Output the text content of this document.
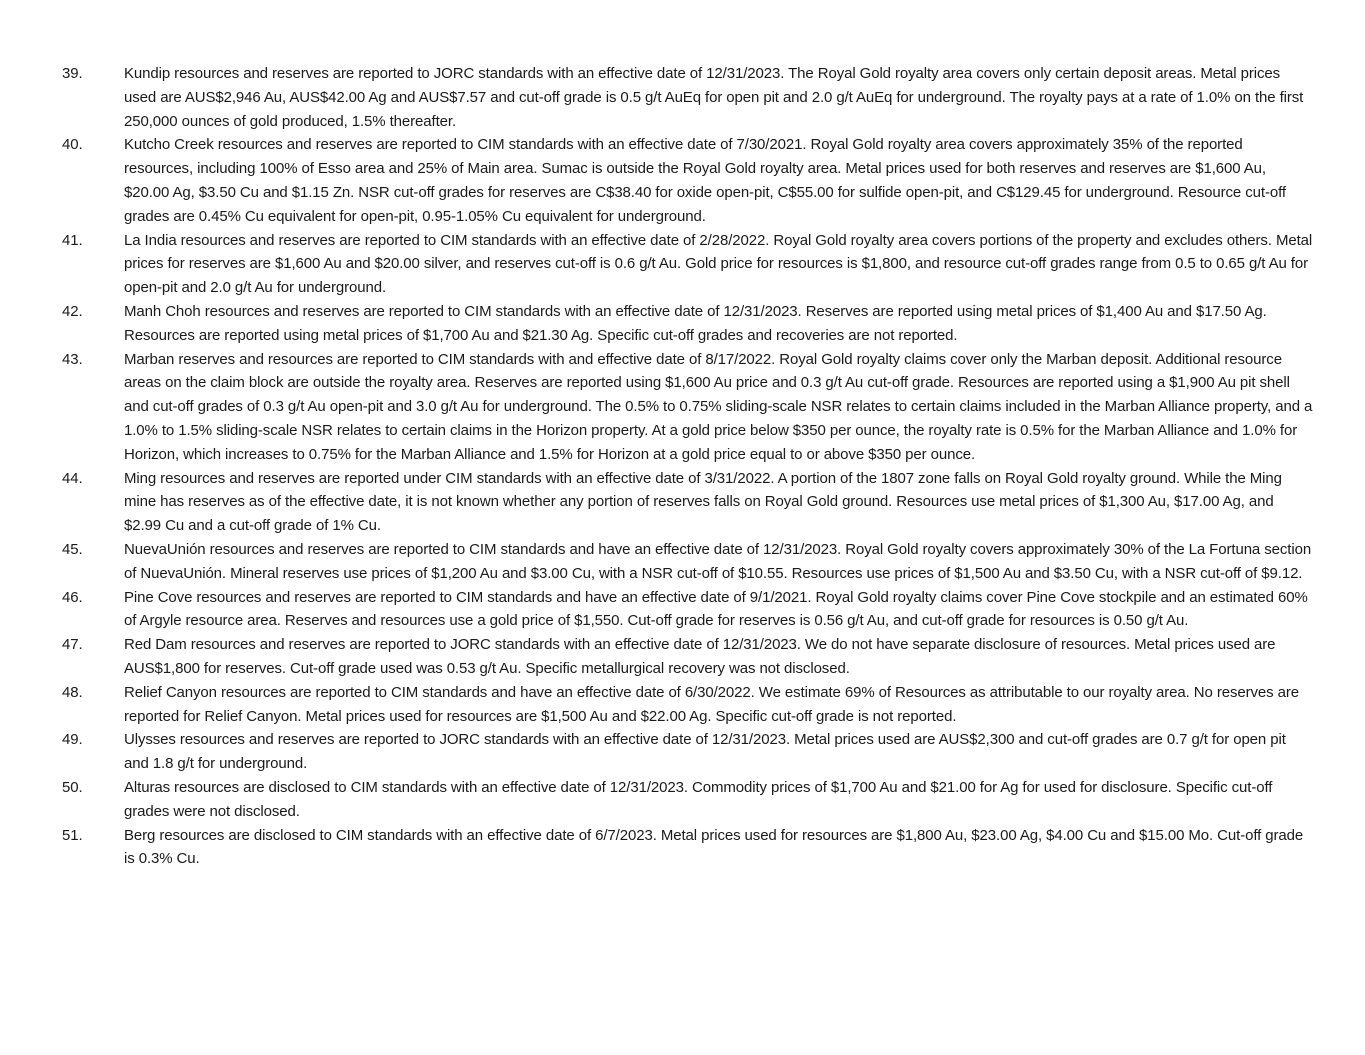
39.	Kundip resources and reserves are reported to JORC standards with an effective date of 12/31/2023. The Royal Gold royalty area covers only certain deposit areas. Metal prices used are AUS$2,946 Au, AUS$42.00 Ag and AUS$7.57 and cut-off grade is 0.5 g/t AuEq for open pit and 2.0 g/t AuEq for underground. The royalty pays at a rate of 1.0% on the first 250,000 ounces of gold produced, 1.5% thereafter.
40.	Kutcho Creek resources and reserves are reported to CIM standards with an effective date of 7/30/2021. Royal Gold royalty area covers approximately 35% of the reported resources, including 100% of Esso area and 25% of Main area. Sumac is outside the Royal Gold royalty area. Metal prices used for both reserves and reserves are $1,600 Au, $20.00 Ag, $3.50 Cu and $1.15 Zn. NSR cut-off grades for reserves are C$38.40 for oxide open-pit, C$55.00 for sulfide open-pit, and C$129.45 for underground. Resource cut-off grades are 0.45% Cu equivalent for open-pit, 0.95-1.05% Cu equivalent for underground.
41.	La India resources and reserves are reported to CIM standards with an effective date of 2/28/2022. Royal Gold royalty area covers portions of the property and excludes others. Metal prices for reserves are $1,600 Au and $20.00 silver, and reserves cut-off is 0.6 g/t Au. Gold price for resources is $1,800, and resource cut-off grades range from 0.5 to 0.65 g/t Au for open-pit and 2.0 g/t Au for underground.
42.	Manh Choh resources and reserves are reported to CIM standards with an effective date of 12/31/2023. Reserves are reported using metal prices of $1,400 Au and $17.50 Ag. Resources are reported using metal prices of $1,700 Au and $21.30 Ag. Specific cut-off grades and recoveries are not reported.
43.	Marban reserves and resources are reported to CIM standards with and effective date of 8/17/2022. Royal Gold royalty claims cover only the Marban deposit. Additional resource areas on the claim block are outside the royalty area. Reserves are reported using $1,600 Au price and 0.3 g/t Au cut-off grade. Resources are reported using a $1,900 Au pit shell and cut-off grades of 0.3 g/t Au open-pit and 3.0 g/t Au for underground. The 0.5% to 0.75% sliding-scale NSR relates to certain claims included in the Marban Alliance property, and a 1.0% to 1.5% sliding-scale NSR relates to certain claims in the Horizon property. At a gold price below $350 per ounce, the royalty rate is 0.5% for the Marban Alliance and 1.0% for Horizon, which increases to 0.75% for the Marban Alliance and 1.5% for Horizon at a gold price equal to or above $350 per ounce.
44.	Ming resources and reserves are reported under CIM standards with an effective date of 3/31/2022. A portion of the 1807 zone falls on Royal Gold royalty ground. While the Ming mine has reserves as of the effective date, it is not known whether any portion of reserves falls on Royal Gold ground. Resources use metal prices of $1,300 Au, $17.00 Ag, and $2.99 Cu and a cut-off grade of 1% Cu.
45.	NuevaUnión resources and reserves are reported to CIM standards and have an effective date of 12/31/2023. Royal Gold royalty covers approximately 30% of the La Fortuna section of NuevaUnión. Mineral reserves use prices of $1,200 Au and $3.00 Cu, with a NSR cut-off of $10.55. Resources use prices of $1,500 Au and $3.50 Cu, with a NSR cut-off of $9.12.
46.	Pine Cove resources and reserves are reported to CIM standards and have an effective date of 9/1/2021. Royal Gold royalty claims cover Pine Cove stockpile and an estimated 60% of Argyle resource area. Reserves and resources use a gold price of $1,550. Cut-off grade for reserves is 0.56 g/t Au, and cut-off grade for resources is 0.50 g/t Au.
47.	Red Dam resources and reserves are reported to JORC standards with an effective date of 12/31/2023. We do not have separate disclosure of resources. Metal prices used are AUS$1,800 for reserves. Cut-off grade used was 0.53 g/t Au. Specific metallurgical recovery was not disclosed.
48.	Relief Canyon resources are reported to CIM standards and have an effective date of 6/30/2022. We estimate 69% of Resources as attributable to our royalty area. No reserves are reported for Relief Canyon. Metal prices used for resources are $1,500 Au and $22.00 Ag. Specific cut-off grade is not reported.
49.	Ulysses resources and reserves are reported to JORC standards with an effective date of 12/31/2023. Metal prices used are AUS$2,300 and cut-off grades are 0.7 g/t for open pit and 1.8 g/t for underground.
50.	Alturas resources are disclosed to CIM standards with an effective date of 12/31/2023. Commodity prices of $1,700 Au and $21.00 for Ag for used for disclosure. Specific cut-off grades were not disclosed.
51.	Berg resources are disclosed to CIM standards with an effective date of 6/7/2023. Metal prices used for resources are $1,800 Au, $23.00 Ag, $4.00 Cu and $15.00 Mo. Cut-off grade is 0.3% Cu.
